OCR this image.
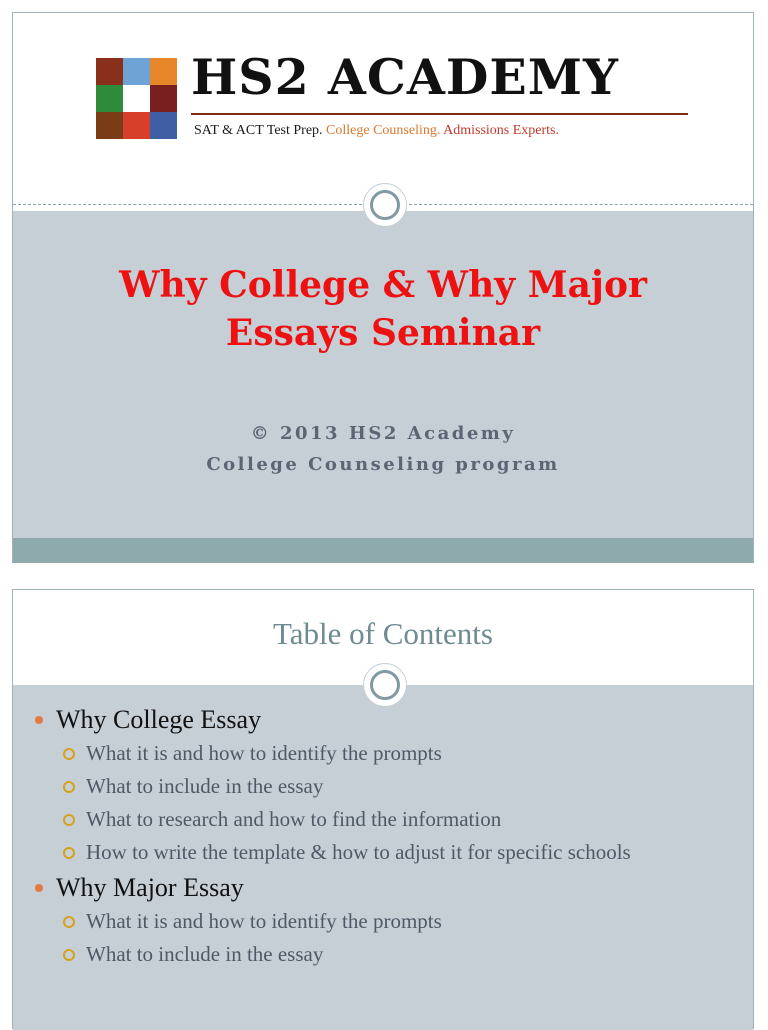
HS2 ACADEMY
SAT & ACT Test Prep. College Counseling. Admissions Experts.
Why College & Why Major
Essays Seminar
© 2013 HS2 Academy
College Counseling program
Table of Contents
Why College Essay
What it is and how to identify the prompts
What to include in the essay
What to research and how to find the information
How to write the template & how to adjust it for specific schools
Why Major Essay
What it is and how to identify the prompts
What to include in the essay
